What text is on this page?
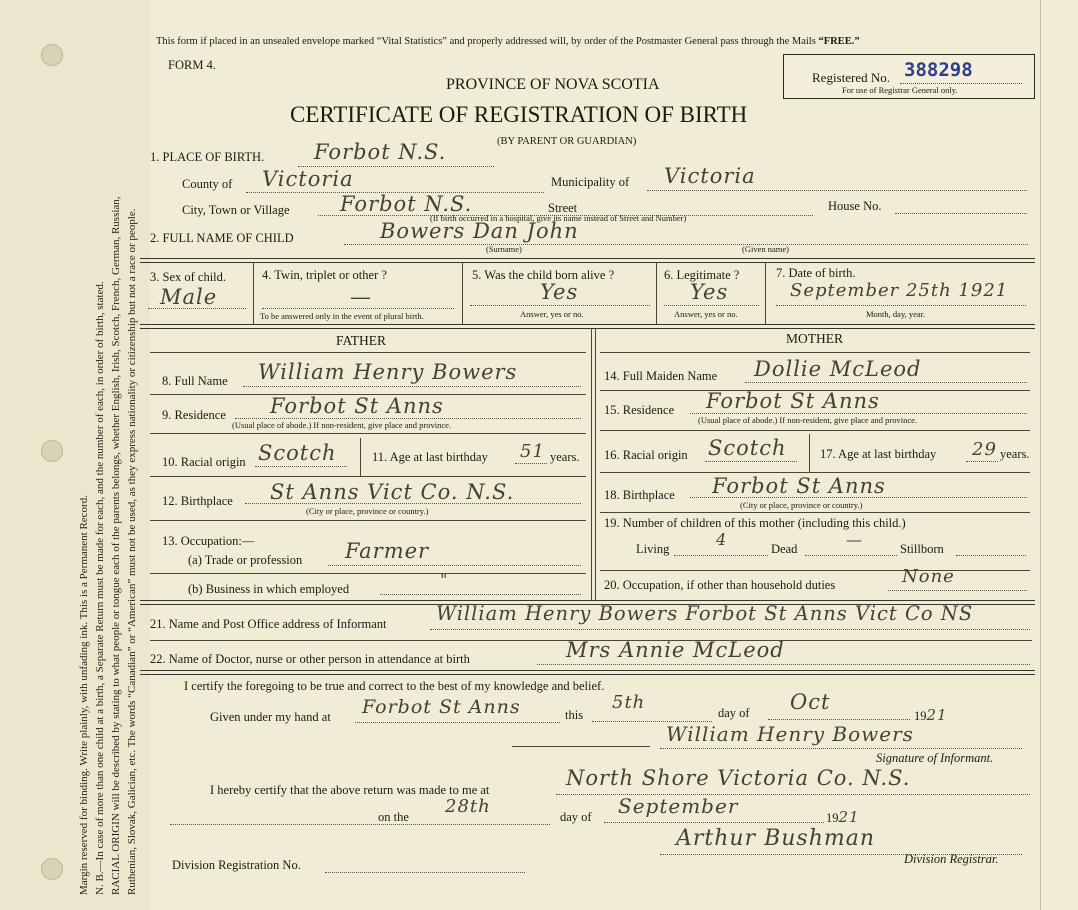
Margin reserved for binding. Write plainly, with unfading ink. This is a Permanent Record. N. B.—In case of more than one child at a birth, a Separate Return must be made for each, and the number of each, in order of birth, stated. RACIAL ORIGIN will be described by stating to what people or tongue each of the parents belongs, whether English, Irish, Scotch, French, German, Russian, Ruthenian, Slovak, Galician, etc. The words “Canadian” or “American” must not be used, as they express nationality or citizenship but not a race or people.
This form if placed in an unsealed envelope marked “Vital Statistics” and properly addressed will, by order of the Postmaster General pass through the Mails “FREE.”
FORM 4.
PROVINCE OF NOVA SCOTIA
CERTIFICATE OF REGISTRATION OF BIRTH
(BY PARENT OR GUARDIAN)
Registered No. 388298
For use of Registrar General only.
1. PLACE OF BIRTH. Forbot N.S.
County of Victoria	Municipality of Victoria
City, Town or Village Forbot N.S.	Street	House No.
(If birth occurred in a hospital, give its name instead of Street and Number)
2. FULL NAME OF CHILD	Bowers Dan John
(Surname)	(Given name)
3. Sex of child.
Male
4. Twin, triplet or other ?
—
To be answered only in the event of plural birth.
5. Was the child born alive ?
Yes
Answer, yes or no.
6. Legitimate ?
Yes
Answer, yes or no.
7. Date of birth.
September 25th 1921
Month, day, year.
FATHER	MOTHER
8. Full Name William Henry Bowers
9. Residence Forbot St Anns
(Usual place of abode.) If non-resident, give place and province.
10. Racial origin Scotch	11. Age at last birthday 51 years.
12. Birthplace St Anns Vict Co. N.S.
(City or place, province or country.)
13. Occupation:—
(a) Trade or profession Farmer
(b) Business in which employed	"
14. Full Maiden Name Dollie McLeod
15. Residence Forbot St Anns
(Usual place of abode.) If non-resident, give place and province.
16. Racial origin Scotch	17. Age at last birthday 29 years.
18. Birthplace Forbot St Anns
(City or place, province or country.)
19. Number of children of this mother (including this child.)
Living	4	Dead	—	Stillborn
20. Occupation, if other than household duties	None
21. Name and Post Office address of Informant	William Henry Bowers Forbot St Anns Vict Co NS
22. Name of Doctor, nurse or other person in attendance at birth	Mrs Annie McLeod
I certify the foregoing to be true and correct to the best of my knowledge and belief.
Given under my hand at Forbot St Anns	this
5th	day of Oct
1921
William Henry Bowers
Signature of Informant.
I hereby certify that the above return was made to me at	North Shore Victoria Co. N.S.
on the 28th	day of September	1921
Arthur Bushman
Division Registrar.
Division Registration No.
